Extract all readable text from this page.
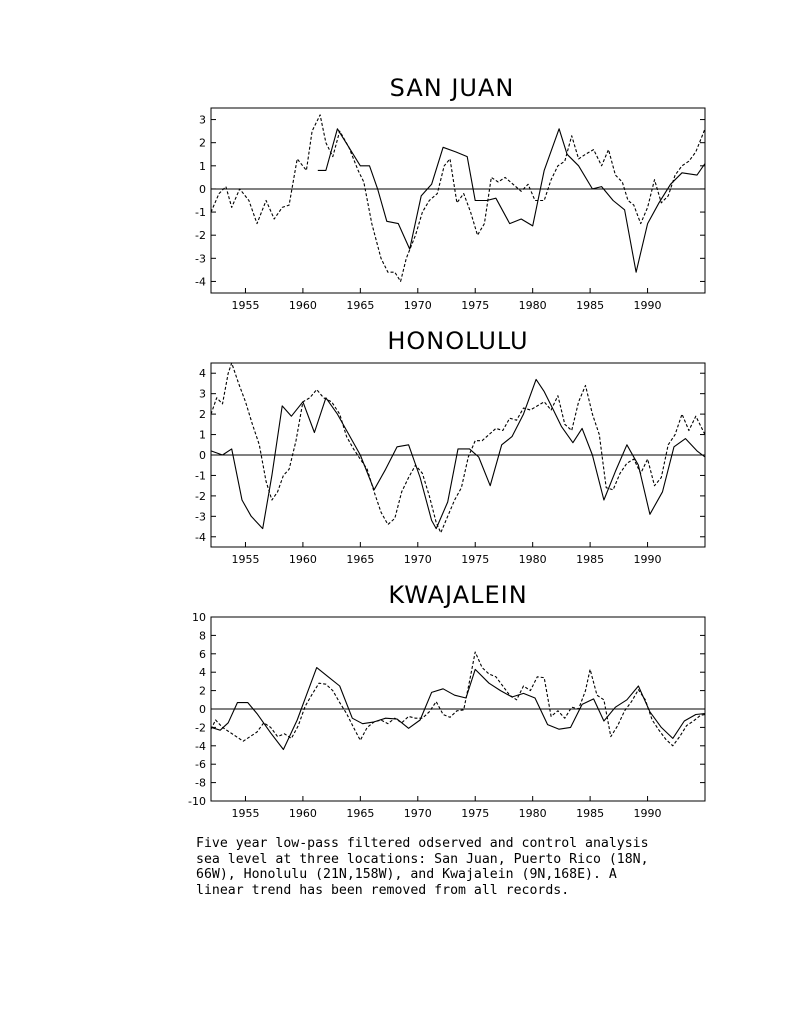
SAN JUAN
1955	1960	1965	1970	1975	1980	1985	1990
-4
-3
-2
-1
0
1
2
3
HONOLULU
1955	1960	1965	1970	1975	1980	1985	1990
-4
-3
-2
-1
0
1
2
3
4
KWAJALEIN
1955	1960	1965	1970	1975	1980	1985	1990
-10
-8
-6
-4
-2
0
2
4
6
8
10

Five year low-pass filtered odserved and control analysis
sea level at three locations: San Juan, Puerto Rico (18N,
66W), Honolulu (21N,158W), and Kwajalein (9N,168E). A
linear trend has been removed from all records.
